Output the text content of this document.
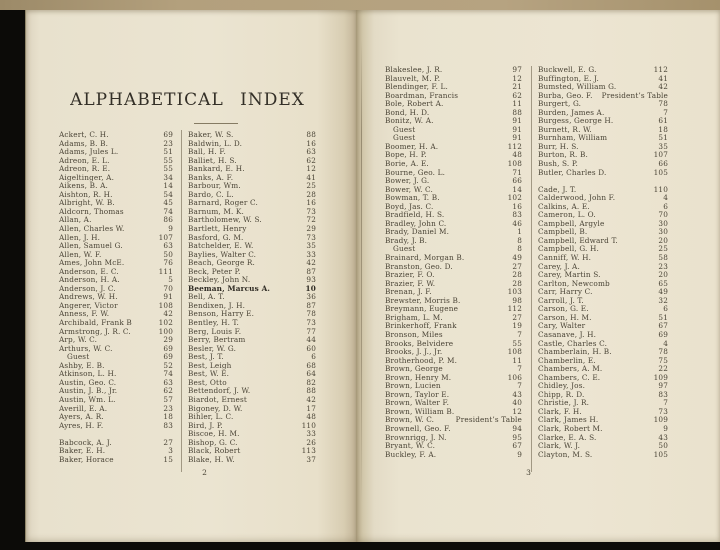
ALPHABETICAL INDEX
Ackert, C. H.	69
Adams, B. B.	23
Adams, Jules L.	51
Adreon, E. L.	55
Adreon, R. E.	55
Aigeltinger, A.	34
Aikens, B. A.	14
Aishton, R. H.	54
Albright, W. B.	45
Aldcorn, Thomas	74
Allan, A.	86
Allen, Charles W.	9
Allen, J. H.	107
Allen, Samuel G.	63
Allen, W. F.	50
Ames, John McE.	76
Anderson, E. C.	111
Anderson, H. A.	5
Anderson, J. C.	70
Andrews, W. H.	91
Angerer, Victor	108
Anness, F. W.	42
Archibald, Frank B	102
Armstrong, J. R. C.	100
Arp, W. C.	29
Arthurs, W. C.	69
Guest	69
Ashby, E. B.	52
Atkinson, L. H.	74
Austin, Geo. C.	63
Austin, J. B., Jr.	62
Austin, Wm. L.	57
Averill, E. A.	23
Ayers, A. R.	18
Ayres, H. F.	83
Babcock, A. J.	27
Baker, E. H.	3
Baker, Horace	15
Baker, W. S.	88
Baldwin, L. D.	16
Ball, H. F.	63
Balliet, H. S.	62
Bankard, E. H.	12
Banks, A. F.	41
Barbour, Wm.	25
Bardo, C. L.	28
Barnard, Roger C.	16
Barnum, M. K.	73
Bartholomew, W. S.	72
Bartlett, Henry	29
Basford, G. M.	73
Batchelder, E. W.	35
Baylies, Walter C.	33
Beach, George R.	42
Beck, Peter P.	87
Beckley, John N.	93
Beeman, Marcus A.	10
Bell, A. T.	36
Bendixen, J. H.	87
Benson, Harry E.	78
Bentley, H. T.	73
Berg, Louis F.	77
Berry, Bertram	44
Besler, W. G.	60
Best, J. T.	6
Best, Leigh	68
Best, W. E.	64
Best, Otto	82
Bettendorf, J. W.	88
Biardot, Ernest	42
Bigoney, D. W.	17
Bihler, L. C.	48
Bird, J. P.	110
Biscoe, H. M.	33
Bishop, G. C.	26
Black, Robert	113
Blake, H. W.	37
2
Blakeslee, J. R.	97
Blauvelt, M. P.	12
Blendinger, F. L.	21
Boardman, Francis	62
Bole, Robert A.	11
Bond, H. D.	88
Bonitz, W. A.	91
Guest	91
Guest	91
Boomer, H. A.	112
Bope, H. P.	48
Borie, A. E.	108
Bourne, Geo. L.	71
Bower, J. G.	66
Bower, W. C.	14
Bowman, T. B.	102
Boyd, Jas. C.	16
Bradfield, H. S.	83
Bradley, John C.	46
Brady, Daniel M.	1
Brady, J. B.	8
Guest	8
Brainard, Morgan B.	49
Branston, Geo. D.	27
Brazier, F. O.	28
Brazier, F. W.	28
Brenan, J. F.	103
Brewster, Morris B.	98
Breymann, Eugene	112
Brigham, L. M.	27
Brinkerhoff, Frank	19
Bronson, Miles	7
Brooks, Belvidere	55
Brooks, J. J., Jr.	108
Brotherhood, P. M.	11
Brown, George	7
Brown, Henry M.	106
Brown, Lucien	7
Brown, Taylor E.	43
Brown, Walter F.	40
Brown, William B.	12
Brown, W. C.	President’s Table
Brownell, Geo. F.	94
Brownrigg, J. N.	95
Bryant, W. C.	67
Buckley, F. A.	9
Buckwell, E. G.	112
Buffington, E. J.	41
Bumsted, William G.	42
Burba, Geo. F. President’s Table
Burgert, G.	78
Burden, James A.	7
Burgess, George H.	61
Burnett, R. W.	18
Burnham, William	51
Burr, H. S.	35
Burton, R. B.	107
Bush, S. P.	66
Butler, Charles D.	105
Cade, J. T.	110
Calderwood, John F.	4
Calkins, A. E.	6
Cameron, L. O.	70
Campbell, Argyle	30
Campbell, B.	30
Campbell, Edward T.	20
Campbell, G. H.	25
Canniff, W. H.	58
Carey, J. A.	23
Carey, Martin S.	20
Carlton, Newcomb	65
Carr, Harry C.	49
Carroll, J. T.	32
Carson, G. E.	6
Carson, H. M.	51
Cary, Walter	67
Casanave, J. H.	69
Castle, Charles C.	4
Chamberlain, H. B.	78
Chamberlin, E.	75
Chambers, A. M.	22
Chambers, C. E.	109
Chidley, Jos.	97
Chipp, R. D.	83
Christie, J. R.	7
Clark, F. H.	73
Clark, James H.	109
Clark, Robert M.	9
Clarke, E. A. S.	43
Clark, W. J.	50
Clayton, M. S.	105
3
